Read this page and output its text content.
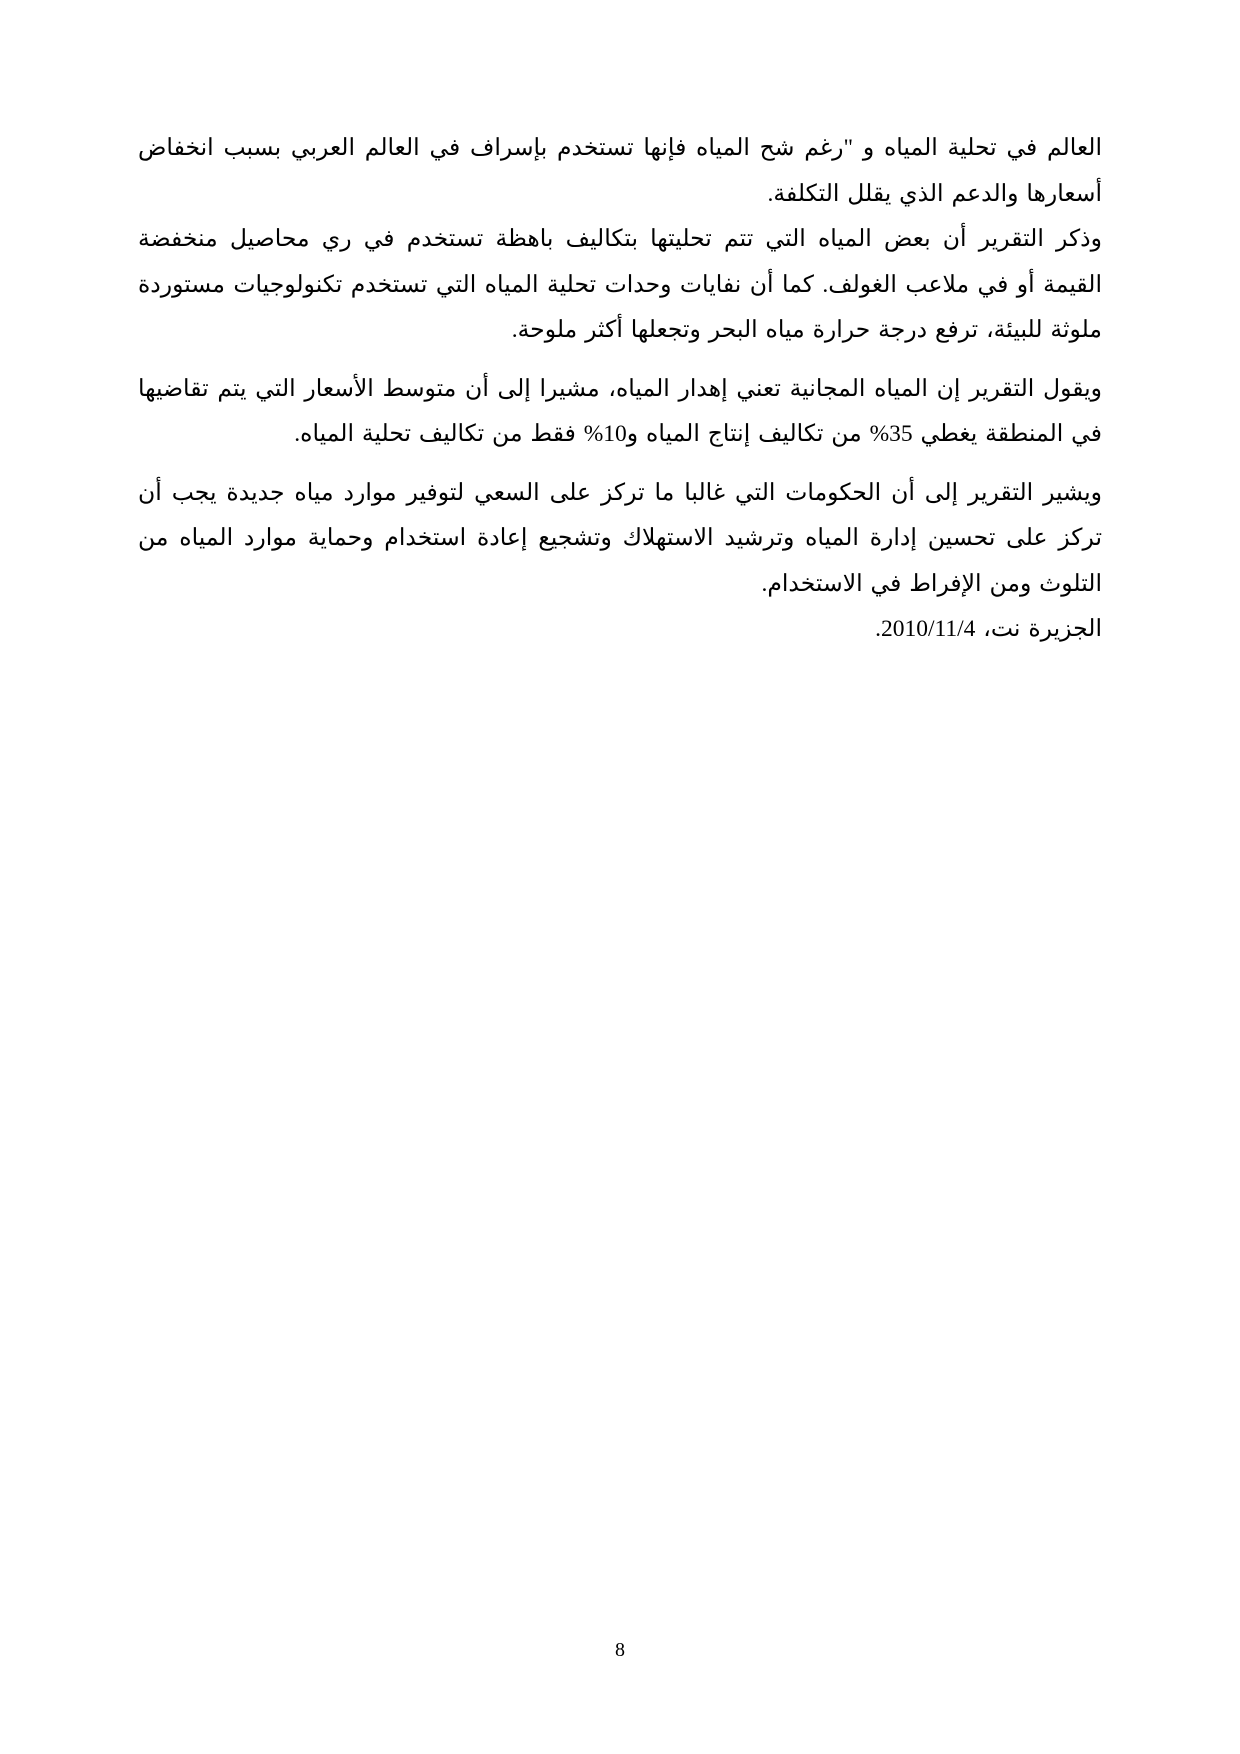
العالم في تحلية المياه و "رغم شح المياه فإنها تستخدم بإسراف في العالم العربي بسبب انخفاض أسعارها والدعم الذي يقلل التكلفة.

وذكر التقرير أن بعض المياه التي تتم تحليتها بتكاليف باهظة تستخدم في ري محاصيل منخفضة القيمة أو في ملاعب الغولف. كما أن نفايات وحدات تحلية المياه التي تستخدم تكنولوجيات مستوردة ملوثة للبيئة، ترفع درجة حرارة مياه البحر وتجعلها أكثر ملوحة.

ويقول التقرير إن المياه المجانية تعني إهدار المياه، مشيرا إلى أن متوسط الأسعار التي يتم تقاضيها في المنطقة يغطي 35% من تكاليف إنتاج المياه و10% فقط من تكاليف تحلية المياه.

ويشير التقرير إلى أن الحكومات التي غالبا ما تركز على السعي لتوفير موارد مياه جديدة يجب أن تركز على تحسين إدارة المياه وترشيد الاستهلاك وتشجيع إعادة استخدام وحماية موارد المياه من التلوث ومن الإفراط في الاستخدام.

الجزيرة نت، 2010/11/4.

8
